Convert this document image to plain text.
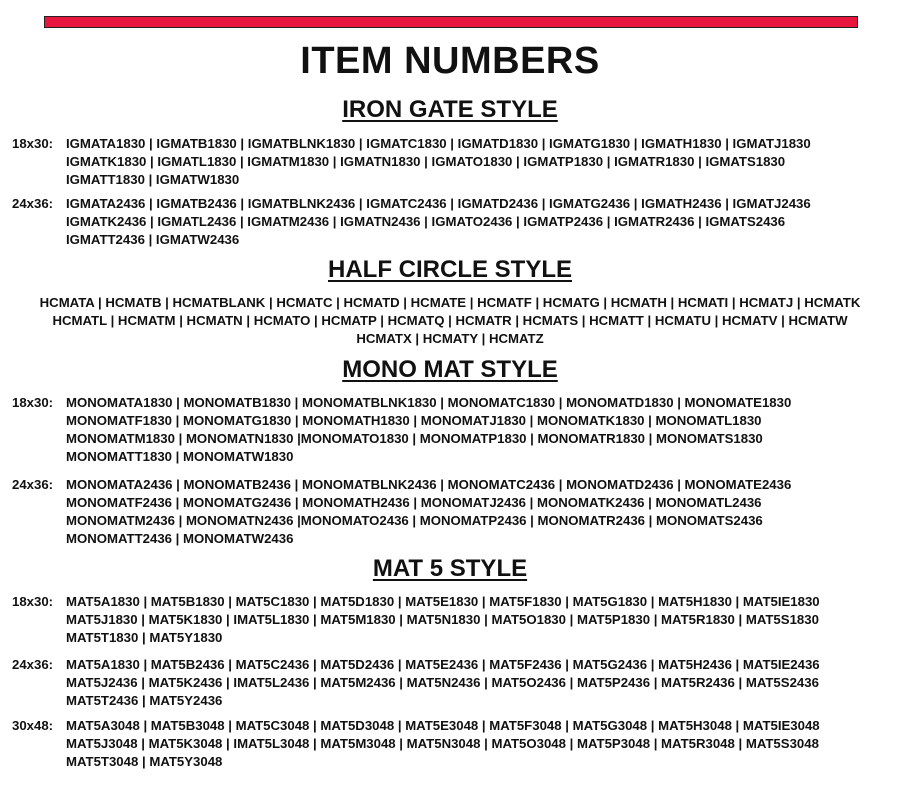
ITEM NUMBERS
IRON GATE STYLE
18x30: IGMATA1830 | IGMATB1830 | IGMATBLNK1830 | IGMATC1830 | IGMATD1830 | IGMATG1830 | IGMATH1830 | IGMATJ1830
IGMATK1830 | IGMATL1830 | IGMATM1830 | IGMATN1830 | IGMATO1830 | IGMATP1830 | IGMATR1830 | IGMATS1830
IGMATT1830 | IGMATW1830
24x36: IGMATA2436 | IGMATB2436 | IGMATBLNK2436 | IGMATC2436 | IGMATD2436 | IGMATG2436 | IGMATH2436 | IGMATJ2436
IGMATK2436 | IGMATL2436 | IGMATM2436 | IGMATN2436 | IGMATO2436 | IGMATP2436 | IGMATR2436 | IGMATS2436
IGMATT2436 | IGMATW2436
HALF CIRCLE STYLE
HCMATA | HCMATB | HCMATBLANK | HCMATC | HCMATD | HCMATE | HCMATF | HCMATG | HCMATH | HCMATI | HCMATJ | HCMATK
HCMATL | HCMATM | HCMATN | HCMATO | HCMATP | HCMATQ | HCMATR | HCMATS | HCMATT | HCMATU | HCMATV | HCMATW
HCMATX | HCMATY | HCMATZ
MONO MAT STYLE
18x30: MONOMATA1830 | MONOMATB1830 | MONOMATBLNK1830 | MONOMATC1830 | MONOMATD1830 | MONOMATE1830
MONOMATF1830 | MONOMATG1830 | MONOMATH1830 | MONOMATJ1830 | MONOMATK1830 | MONOMATL1830
MONOMATM1830 | MONOMATN1830 |MONOMATO1830 | MONOMATP1830 | MONOMATR1830 | MONOMATS1830
MONOMATT1830 | MONOMATW1830
24x36: MONOMATA2436 | MONOMATB2436 | MONOMATBLNK2436 | MONOMATC2436 | MONOMATD2436 | MONOMATE2436
MONOMATF2436 | MONOMATG2436 | MONOMATH2436 | MONOMATJ2436 | MONOMATK2436 | MONOMATL2436
MONOMATM2436 | MONOMATN2436 |MONOMATO2436 | MONOMATP2436 | MONOMATR2436 | MONOMATS2436
MONOMATT2436 | MONOMATW2436
MAT 5 STYLE
18x30: MAT5A1830 | MAT5B1830 | MAT5C1830 | MAT5D1830 | MAT5E1830 | MAT5F1830 | MAT5G1830 | MAT5H1830 | MAT5IE1830
MAT5J1830 | MAT5K1830 | IMAT5L1830 | MAT5M1830 | MAT5N1830 | MAT5O1830 | MAT5P1830 | MAT5R1830 | MAT5S1830
MAT5T1830 | MAT5Y1830
24x36: MAT5A1830 | MAT5B2436 | MAT5C2436 | MAT5D2436 | MAT5E2436 | MAT5F2436 | MAT5G2436 | MAT5H2436 | MAT5IE2436
MAT5J2436 | MAT5K2436 | IMAT5L2436 | MAT5M2436 | MAT5N2436 | MAT5O2436 | MAT5P2436 | MAT5R2436 | MAT5S2436
MAT5T2436 | MAT5Y2436
30x48: MAT5A3048 | MAT5B3048 | MAT5C3048 | MAT5D3048 | MAT5E3048 | MAT5F3048 | MAT5G3048 | MAT5H3048 | MAT5IE3048
MAT5J3048 | MAT5K3048 | IMAT5L3048 | MAT5M3048 | MAT5N3048 | MAT5O3048 | MAT5P3048 | MAT5R3048 | MAT5S3048
MAT5T3048 | MAT5Y3048
